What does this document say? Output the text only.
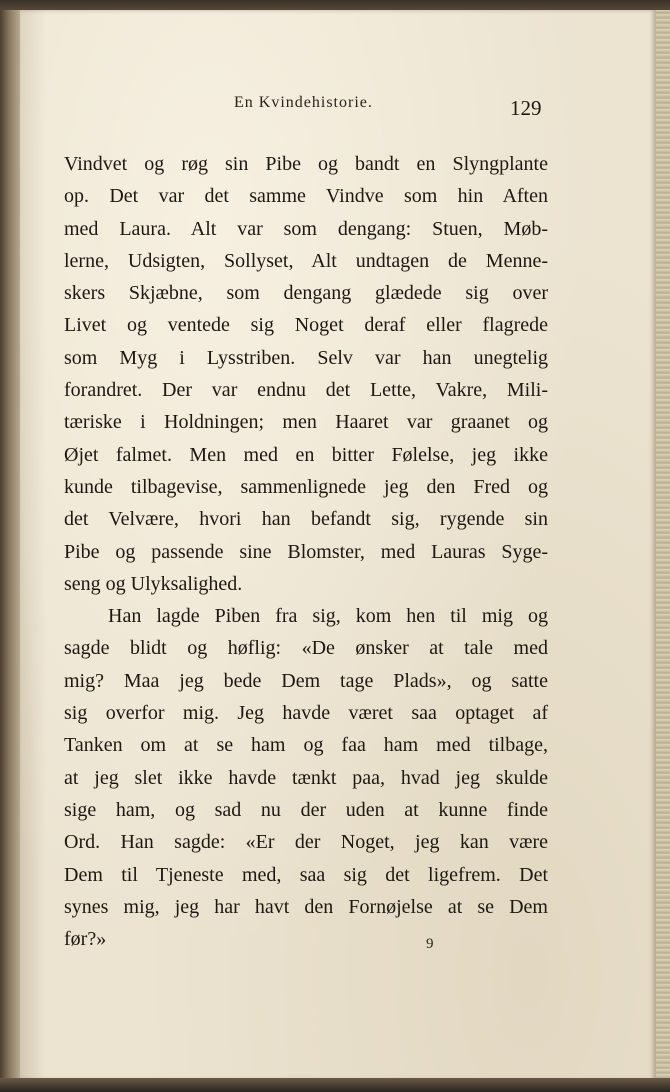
En Kvindehistorie.	129
Vindvet og røg sin Pibe og bandt en Slyngplante
op. Det var det samme Vindve som hin Aften
med Laura. Alt var som dengang: Stuen, Møb-
lerne, Udsigten, Sollyset, Alt undtagen de Menne-
skers Skjæbne, som dengang glædede sig over
Livet og ventede sig Noget deraf eller flagrede
som Myg i Lysstriben. Selv var han unegtelig
forandret. Der var endnu det Lette, Vakre, Mili-
tæriske i Holdningen; men Haaret var graanet og
Øjet falmet. Men med en bitter Følelse, jeg ikke
kunde tilbagevise, sammenlignede jeg den Fred og
det Velvære, hvori han befandt sig, rygende sin
Pibe og passende sine Blomster, med Lauras Syge-
seng og Ulyksalighed.
Han lagde Piben fra sig, kom hen til mig og
sagde blidt og høflig: «De ønsker at tale med
mig? Maa jeg bede Dem tage Plads», og satte
sig overfor mig. Jeg havde været saa optaget af
Tanken om at se ham og faa ham med tilbage,
at jeg slet ikke havde tænkt paa, hvad jeg skulde
sige ham, og sad nu der uden at kunne finde
Ord. Han sagde: «Er der Noget, jeg kan være
Dem til Tjeneste med, saa sig det ligefrem. Det
synes mig, jeg har havt den Fornøjelse at se Dem
før?»	9
